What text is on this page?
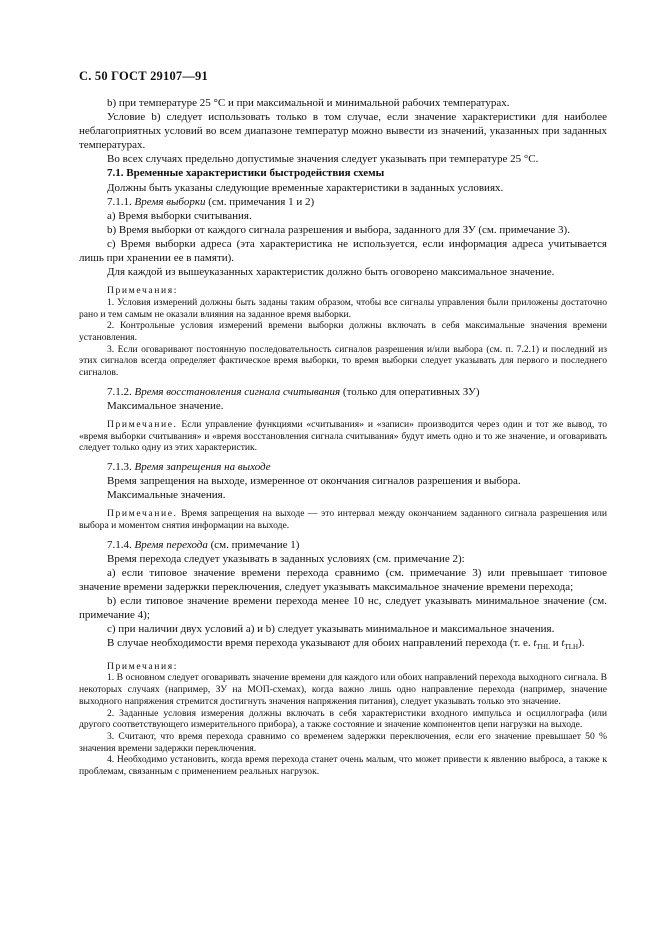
С. 50 ГОСТ 29107—91

b) при температуре 25 °С и при максимальной и минимальной рабочих температурах.

Условие b) следует использовать только в том случае, если значение характеристики для наиболее неблагоприятных условий во всем диапазоне температур можно вывести из значений, указанных при заданных температурах.

Во всех случаях предельно допустимые значения следует указывать при температуре 25 °С.

7.1. Временные характеристики быстродействия схемы

Должны быть указаны следующие временные характеристики в заданных условиях.

7.1.1. Время выборки (см. примечания 1 и 2)

a) Время выборки считывания.

b) Время выборки от каждого сигнала разрешения и выбора, заданного для ЗУ (см. примечание 3).

c) Время выборки адреса (эта характеристика не используется, если информация адреса учитывается лишь при хранении ее в памяти).

Для каждой из вышеуказанных характеристик должно быть оговорено максимальное значение.

Примечания:

1. Условия измерений должны быть заданы таким образом, чтобы все сигналы управления были приложены достаточно рано и тем самым не оказали влияния на заданное время выборки.

2. Контрольные условия измерений времени выборки должны включать в себя максимальные значения времени установления.

3. Если оговаривают постоянную последовательность сигналов разрешения и/или выбора (см. п. 7.2.1) и последний из этих сигналов всегда определяет фактическое время выборки, то время выборки следует указывать для первого и последнего сигналов.

7.1.2. Время восстановления сигнала считывания (только для оперативных ЗУ)

Максимальное значение.

Примечание. Если управление функциями «считывания» и «записи» производится через один и тот же вывод, то «время выборки считывания» и «время восстановления сигнала считывания» будут иметь одно и то же значение, и оговаривать следует только одну из этих характеристик.

7.1.3. Время запрещения на выходе

Время запрещения на выходе, измеренное от окончания сигналов разрешения и выбора.

Максимальные значения.

Примечание. Время запрещения на выходе — это интервал между окончанием заданного сигнала разрешения или выбора и моментом снятия информации на выходе.

7.1.4. Время перехода (см. примечание 1)

Время перехода следует указывать в заданных условиях (см. примечание 2):

a) если типовое значение времени перехода сравнимо (см. примечание 3) или превышает типовое значение времени задержки переключения, следует указывать максимальное значение времени перехода;

b) если типовое значение времени перехода менее 10 нс, следует указывать минимальное значение (см. примечание 4);

c) при наличии двух условий a) и b) следует указывать минимальное и максимальное значения.

В случае необходимости время перехода указывают для обоих направлений перехода (т. е. $t_{THL}$ и $t_{TLH}$).

Примечания:

1. В основном следует оговаривать значение времени для каждого или обоих направлений перехода выходного сигнала. В некоторых случаях (например, ЗУ на МОП-схемах), когда важно лишь одно направление перехода (например, значение выходного напряжения стремится достигнуть значения напряжения питания), следует указывать только это значение.

2. Заданные условия измерения должны включать в себя характеристики входного импульса и осциллографа (или другого соответствующего измерительного прибора), а также состояние и значение компонентов цепи нагрузки на выходе.

3. Считают, что время перехода сравнимо со временем задержки переключения, если его значение превышает 50 % значения времени задержки переключения.

4. Необходимо установить, когда время перехода станет очень малым, что может привести к явлению выброса, а также к проблемам, связанным с применением реальных нагрузок.
